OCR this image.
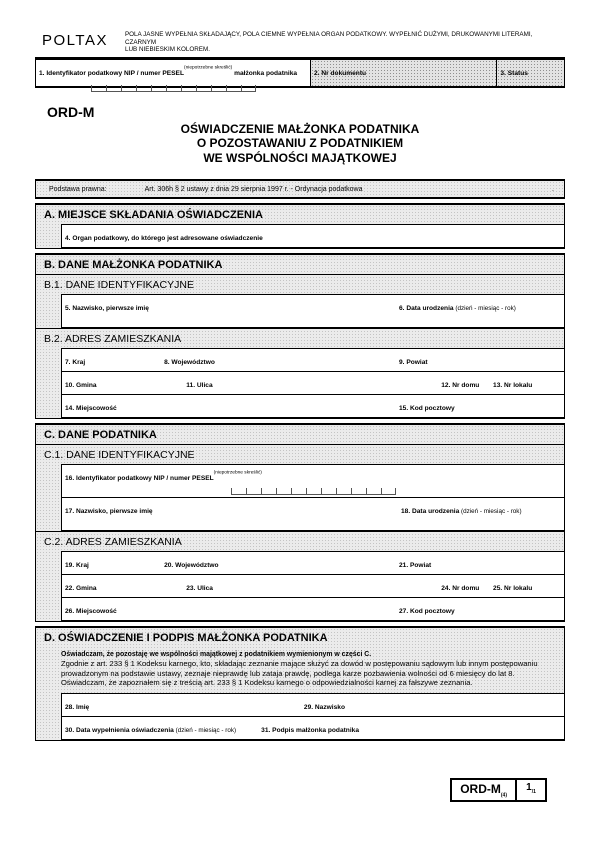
POLTAX	POLA JASNE WYPEŁNIA SKŁADAJĄCY, POLA CIEMNE WYPEŁNIA ORGAN PODATKOWY. WYPEŁNIĆ DUŻYMI, DRUKOWANYMI LITERAMI, CZARNYM
LUB NIEBIESKIM KOLOREM.
1. Identyfikator podatkowy NIP / numer $PESEL^{(niepotrzebne skreślić)}$ małżonka podatnika	2. Nr dokumentu	3. Status
ORD-M
OŚWIADCZENIE MAŁŻONKA PODATNIKA
O POZOSTAWANIU Z PODATNIKIEM
WE WSPÓLNOŚCI MAJĄTKOWEJ
Podstawa prawna:	Art. 306h § 2 ustawy z dnia 29 sierpnia 1997 r. - Ordynacja podatkowa	.
A. MIEJSCE SKŁADANIA OŚWIADCZENIA
4. Organ podatkowy, do którego jest adresowane oświadczenie
B. DANE MAŁŻONKA PODATNIKA
B.1. DANE IDENTYFIKACYJNE
5. Nazwisko, pierwsze imię	6. Data urodzenia (dzień - miesiąc - rok)
B.2. ADRES ZAMIESZKANIA
7. Kraj	8. Województwo	9. Powiat
10. Gmina	11. Ulica	12. Nr domu	13. Nr lokalu
14. Miejscowość	15. Kod pocztowy
C. DANE PODATNIKA
C.1. DANE IDENTYFIKACYJNE
16. Identyfikator podatkowy NIP / numer $PESEL^{(niepotrzebne skreślić)}$
17. Nazwisko, pierwsze imię	18. Data urodzenia (dzień - miesiąc - rok)
C.2. ADRES ZAMIESZKANIA
19. Kraj	20. Województwo	21. Powiat
22. Gmina	23. Ulica	24. Nr domu	25. Nr lokalu
26. Miejscowość	27. Kod pocztowy
D. OŚWIADCZENIE I PODPIS MAŁŻONKA PODATNIKA
Oświadczam, że pozostaję we wspólności majątkowej z podatnikiem wymienionym w części C.
Zgodnie z art. 233 § 1 Kodeksu karnego, kto, składając zeznanie mające służyć za dowód w postępowaniu sądowym lub innym postępowaniu prowadzonym na podstawie ustawy, zeznaje nieprawdę lub zataja prawdę, podlega karze pozbawienia wolności od 6 miesięcy do lat 8. Oświadczam, że zapoznałem się z treścią art. 233 § 1 Kodeksu karnego o odpowiedzialności karnej za fałszywe zeznania.
28. Imię	29. Nazwisko
30. Data wypełnienia oświadczenia (dzień - miesiąc - rok)	31. Podpis małżonka podatnika
ORD-$M_{(4)}$
$1_{/1}$
